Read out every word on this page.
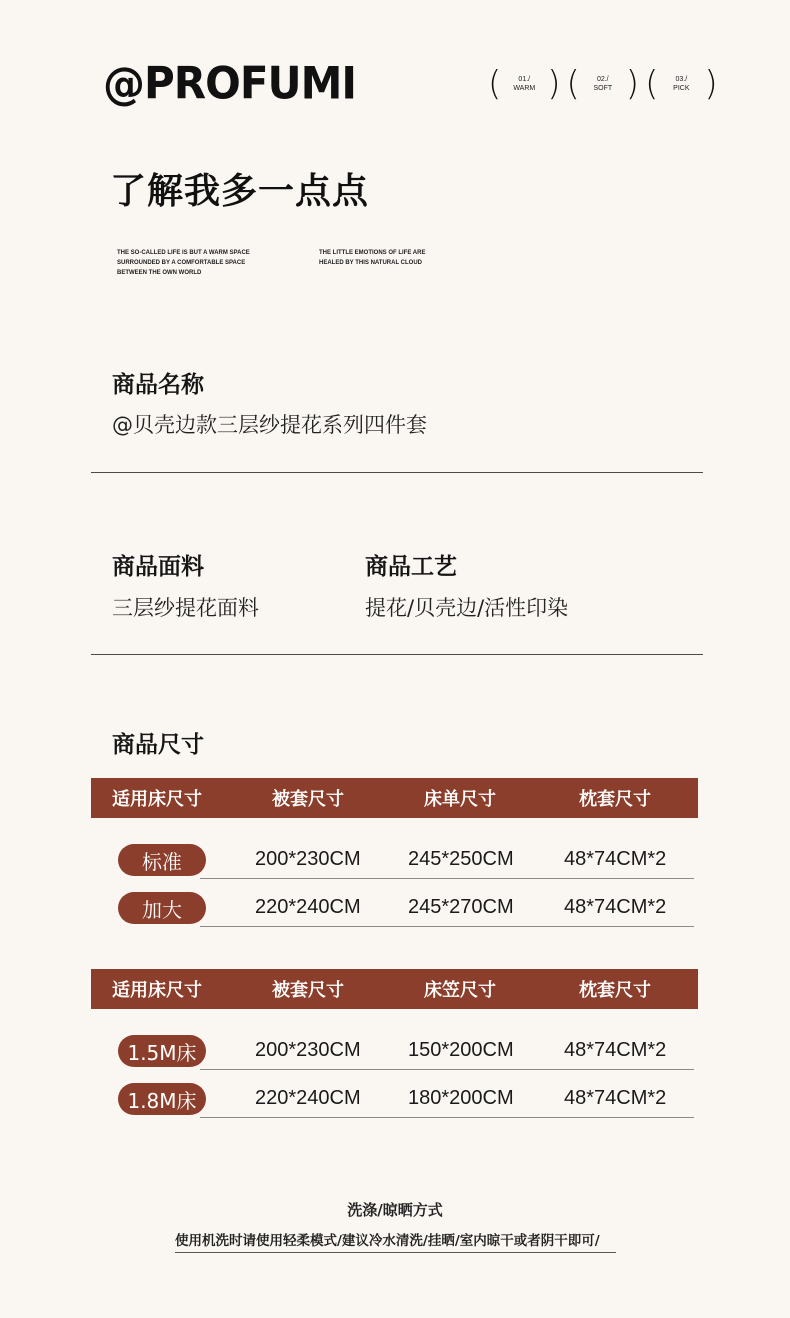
@PROFUMI	(	01./
WARM ) (	02./
SOFT ) (	03./
PICK )
了解我多一点点
THE SO-CALLED LIFE IS BUT A WARM SPACE SURROUNDED BY A COMFORTABLE SPACE BETWEEN THE OWN WORLD
THE LITTLE EMOTIONS OF LIFE ARE HEALED BY THIS NATURAL CLOUD
商品名称
@贝壳边款三层纱提花系列四件套
商品面料
三层纱提花面料
商品工艺
提花/贝壳边/活性印染
商品尺寸
适用床尺寸	被套尺寸	床单尺寸	枕套尺寸
标准	200*230CM 245*250CM	48*74CM*2
加大	220*240CM 245*270CM	48*74CM*2
适用床尺寸	被套尺寸	床笠尺寸	枕套尺寸
1.5M床	200*230CM 150*200CM	48*74CM*2
1.8M床	220*240CM 180*200CM	48*74CM*2
洗涤/晾晒方式
使用机洗时请使用轻柔模式/建议冷水清洗/挂晒/室内晾干或者阴干即可/
